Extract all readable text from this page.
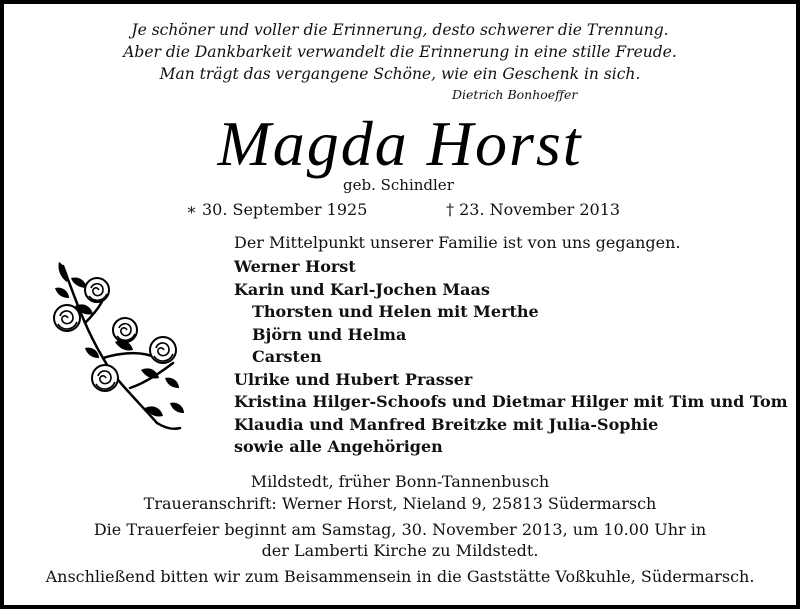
Je schöner und voller die Erinnerung, desto schwerer die Trennung.
Aber die Dankbarkeit verwandelt die Erinnerung in eine stille Freude.
Man trägt das vergangene Schöne, wie ein Geschenk in sich.
Dietrich Bonhoeffer
Magda Horst
geb. Schindler
∗ 30. September 1925	† 23. November 2013
Der Mittelpunkt unserer Familie ist von uns gegangen.
Werner Horst
Karin und Karl-Jochen Maas
Thorsten und Helen mit Merthe
Björn und Helma
Carsten
Ulrike und Hubert Prasser
Kristina Hilger-Schoofs und Dietmar Hilger mit Tim und Tom
Klaudia und Manfred Breitzke mit Julia-Sophie
sowie alle Angehörigen
Mildstedt, früher Bonn-Tannenbusch
Traueranschrift: Werner Horst, Nieland 9, 25813 Südermarsch
Die Trauerfeier beginnt am Samstag, 30. November 2013, um 10.00 Uhr in
der Lamberti Kirche zu Mildstedt.
Anschließend bitten wir zum Beisammensein in die Gaststätte Voßkuhle, Südermarsch.
